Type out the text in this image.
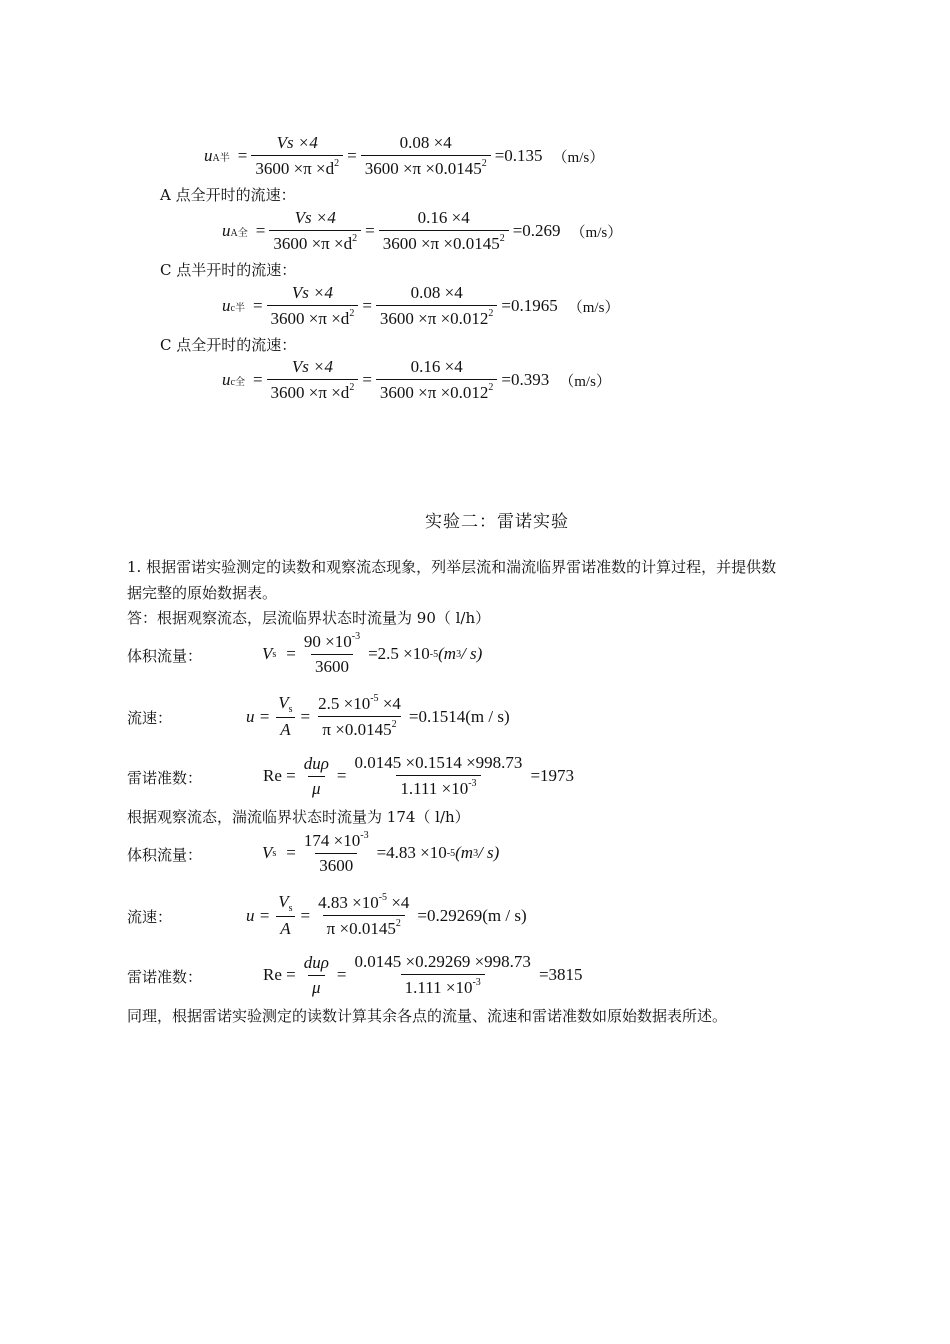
u A半 = $\frac{Vs \times 4}{3600 \times\pi \times d^2} = \frac{0.08 \times 4}{3600 \times\pi \times 0.0145^2} =0.135$ （m/s）
A 点全开时的流速：
u A全 = $\frac{Vs \times 4}{3600 \times\pi \times d^2} = \frac{0.16 \times 4}{3600 \times\pi \times 0.0145^2} =0.269$ （m/s）
C 点半开时的流速：
u c半 = $\frac{Vs \times 4}{3600 \times\pi \times d^2} = \frac{0.08 \times 4}{3600 \times\pi \times 0.012^2} =0.1965$ （m/s）
C 点全开时的流速：
u c全 = $\frac{Vs \times 4}{3600 \times\pi \times d^2} = \frac{0.16 \times 4}{3600 \times\pi \times 0.012^2} =0.393$ （m/s）
实验二：雷诺实验
1. 根据雷诺实验测定的读数和观察流态现象，列举层流和湍流临界雷诺准数的计算过程，并提供数
据完整的原始数据表。
答：根据观察流态，层流临界状态时流量为 90（ l/h）
体积流量：	V $s = \frac{90 \times 10^{-3}}{3600} =2.5 \times 10$ -5 (m 3 / s)
流速：	$u = \frac{V_s}{A} = \frac{2.5 \times 10^{-5} \times 4}{\pi \times 0.0145^2} =0.1514(m / s)$
雷诺准数：	$Re = \frac{\text{duρ}}{\mu} = \frac{0.0145 \times 0.1514 \times 998.73}{1.111 \times 10^{-3}} =1973$
根据观察流态，湍流临界状态时流量为 174（ l/h）
体积流量：	V $s = \frac{174 \times 10^{-3}}{3600} =4.83 \times 10$ -5 (m 3 / s)
流速：	$u = \frac{V_s}{A} = \frac{4.83 \times 10^{-5} \times 4}{\pi \times 0.0145^2} =0.29269(m / s)$
雷诺准数：	$Re = \frac{\text{duρ}}{\mu} = \frac{0.0145 \times 0.29269 \times 998.73}{1.111 \times 10^{-3}} =3815$
同理，根据雷诺实验测定的读数计算其余各点的流量、流速和雷诺准数如原始数据表所述。
